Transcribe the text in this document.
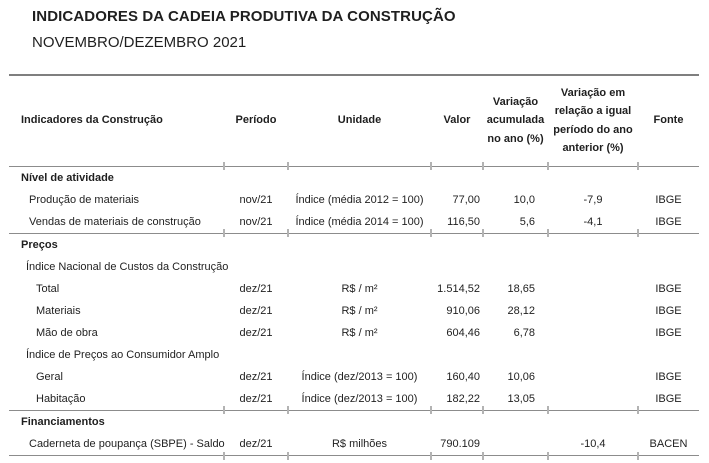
INDICADORES DA CADEIA PRODUTIVA DA CONSTRUÇÃO
NOVEMBRO/DEZEMBRO 2021
Indicadores da Construção	Período	Unidade	Valor	Variação acumulada no ano (%)	Variação em relação a igual período do ano anterior (%)	Fonte
Nível de atividade						
Produção de materiais	nov/21	Índice (média 2012 = 100)	77,00	10,0	-7,9	IBGE
Vendas de materiais de construção	nov/21	Índice (média 2014 = 100)	116,50	5,6	-4,1	IBGE
Preços						
Índice Nacional de Custos da Construção						
Total	dez/21	R$ / m²	1.514,52	18,65		IBGE
Materiais	dez/21	R$ / m²	910,06	28,12		IBGE
Mão de obra	dez/21	R$ / m²	604,46	6,78		IBGE
Índice de Preços ao Consumidor Amplo						
Geral	dez/21	Índice (dez/2013 = 100)	160,40	10,06		IBGE
Habitação	dez/21	Índice (dez/2013 = 100)	182,22	13,05		IBGE
Financiamentos						
Caderneta de poupança (SBPE) - Saldo	dez/21	R$ milhões	790.109		-10,4	BACEN
